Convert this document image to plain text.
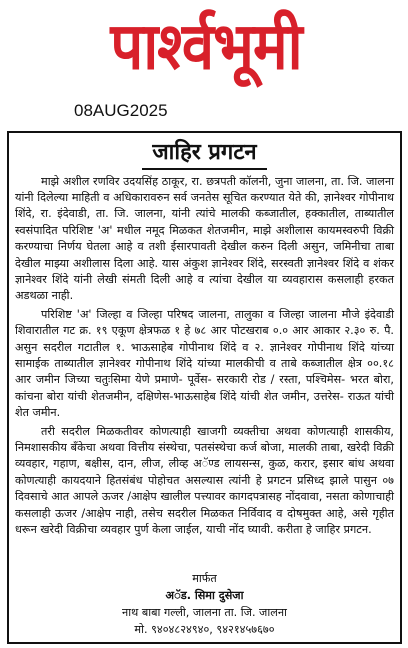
पार्श्वभूमी
08AUG2025
जाहिर प्रगटन

माझे अशील रणविर उदयसिंह ठाकूर, रा. छत्रपती कॉलनी, जुना जालना, ता. जि. जालना यांनी दिलेल्या माहिती व अधिकारावरुन सर्व जनतेस सूचित करण्यात येते की, ज्ञानेश्वर गोपीनाथ शिंदे, रा. इंदेवाडी, ता. जि. जालना, यांनी त्यांचे मालकी कब्जातील, हक्कातील, ताब्यातील स्वसंपादित परिशिष्ट 'अ' मधील नमूद मिळकत शेतजमीन, माझे अशीलास कायमस्वरुपी विक्री करण्याचा निर्णय घेतला आहे व तशी ईसारपावती देखील करुन दिली असुन, जमिनीचा ताबा देखील माझ्या अशीलास दिला आहे. यास अंकुश ज्ञानेश्वर शिंदे, सरस्वती ज्ञानेश्वर शिंदे व शंकर ज्ञानेश्वर शिंदे यांनी लेखी संमती दिली आहे व त्यांचा देखील या व्यवहारास कसलाही हरकत अडथळा नाही.

परिशिष्ट 'अ' जिल्हा व जिल्हा परिषद जालना, तालुका व जिल्हा जालना मौजे इंदेवाडी शिवारातील गट क्र. १९ एकूण क्षेत्रफळ १ हे ७८ आर पोटखराब ०.० आर आकार २.३० रु. पै. असुन सदरील गटातील १. भाऊसाहेब गोपीनाथ शिंदे व २. ज्ञानेश्वर गोपीनाथ शिंदे यांच्या सामाईक ताब्यातील ज्ञानेश्वर गोपीनाथ शिंदे यांच्या मालकीची व ताबे कब्जातील क्षेत्र ००.१८ आर जमीन जिच्या चतुःसिमा येणे प्रमाणे- पूर्वेस- सरकारी रोड / रस्ता, पश्चिमेस- भरत बोरा, कांचना बोरा यांची शेतजमीन, दक्षिणेस-भाऊसाहेब शिंदे यांची शेत जमीन, उत्तरेस- राऊत यांची शेत जमीन.

तरी सदरील मिळकतीवर कोणत्याही खाजगी व्यक्तीचा अथवा कोणत्याही शासकीय, निमशासकीय बँकेचा अथवा वित्तीय संस्थेचा, पतसंस्थेचा कर्ज बोजा, मालकी ताबा, खरेदी विक्री व्यवहार, गहाण, बक्षीस, दान, लीज, लीव्ह अॅण्ड लायसन्स, कुळ, करार, इसार बांध अथवा कोणत्याही कायदयाने हितसंबंध पोहोचत असल्यास त्यांनी हे प्रगटन प्रसिध्द झाले पासुन ०७ दिवसाचे आत आपले ऊजर /आक्षेप खालील पत्त्यावर कागदपत्रासह नोंदवावा, नसता कोणाचाही कसलाही ऊजर /आक्षेप नाही, तसेच सदरील मिळकत निर्विवाद व दोषमुक्त आहे, असे गृहीत धरून खरेदी विक्रीचा व्यवहार पुर्ण केला जाईल, याची नोंद घ्यावी. करीता हे जाहिर प्रगटन.

मार्फत
अॅड. सिमा दुसेजा
नाथ बाबा गल्ली, जालना ता. जि. जालना
मो. ९४०४८२४९४०, ९४२१४५७६७०
